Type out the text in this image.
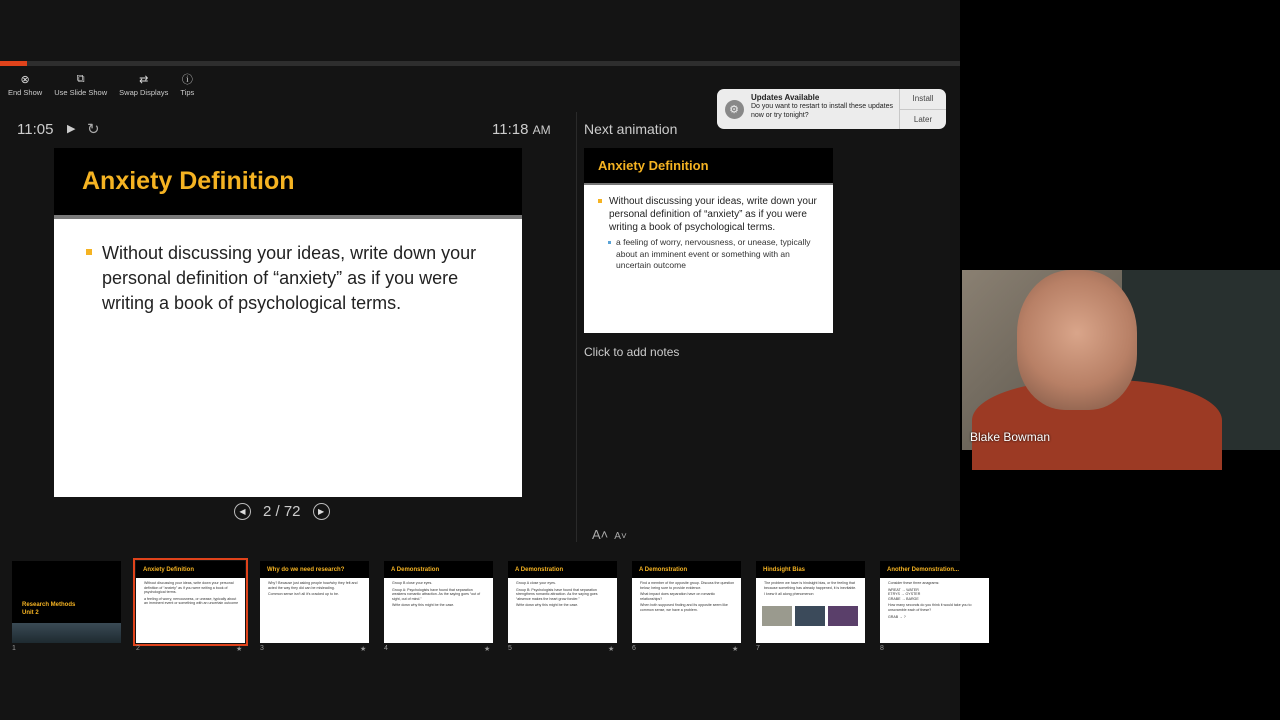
⊗
End Show
⧉
Use Slide Show
⇄
Swap Displays
ⓘ
Tips
11:05 ▶ ↻	11:18 AM
Anxiety Definition
Without discussing your ideas, write down your personal definition of “anxiety” as if you were writing a book of psychological terms.
◀ 2 / 72 ▶
Next animation
Anxiety Definition
Without discussing your ideas, write down your personal definition of “anxiety” as if you were writing a book of psychological terms.
a feeling of worry, nervousness, or unease, typically about an imminent event or something with an uncertain outcome
Click to add notes
A˄ A˅
⚙
Updates Available
Do you want to restart to install these updates now or try tonight?
Install
Later
Research Methods
Unit 2
1
Anxiety Definition
Without discussing your ideas, write down your personal definition of “anxiety” as if you were writing a book of psychological terms.
a feeling of worry, nervousness, or unease, typically about an imminent event or something with an uncertain outcome
2	★
Why do we need research?
Why? Because just asking people how/why they felt and acted the way they did can be misleading.
Common sense isn’t all it’s cracked up to be.
3	★
A Demonstration
Group B close your eyes.
Group A: Psychologists have found that separation weakens romantic attraction. As the saying goes “out of sight, out of mind.”
Write down why this might be the case.
4	★
A Demonstration
Group A close your eyes.
Group B: Psychologists have found that separation strengthens romantic attraction. As the saying goes “absence makes the heart grow fonder.”
Write down why this might be the case.
5	★
A Demonstration
Find a member of the opposite group. Discuss the question below; being sure to provide evidence.
What impact does separation have on romantic relationships?
When both supposed finding and its opposite seem like common sense, we have a problem.
6	★
Hindsight Bias
The problem we have is hindsight bias, or the feeling that because something has already happened, it is inevitable.
I knew it all along phenomenon
7
Another Demonstration...
Consider these three anagrams:
WREAT → WATER
ETRYS → OYSTER
GRABE → BARGE
How many seconds do you think it would take you to unscramble each of these?
GRAB → ?
8
Blake Bowman
